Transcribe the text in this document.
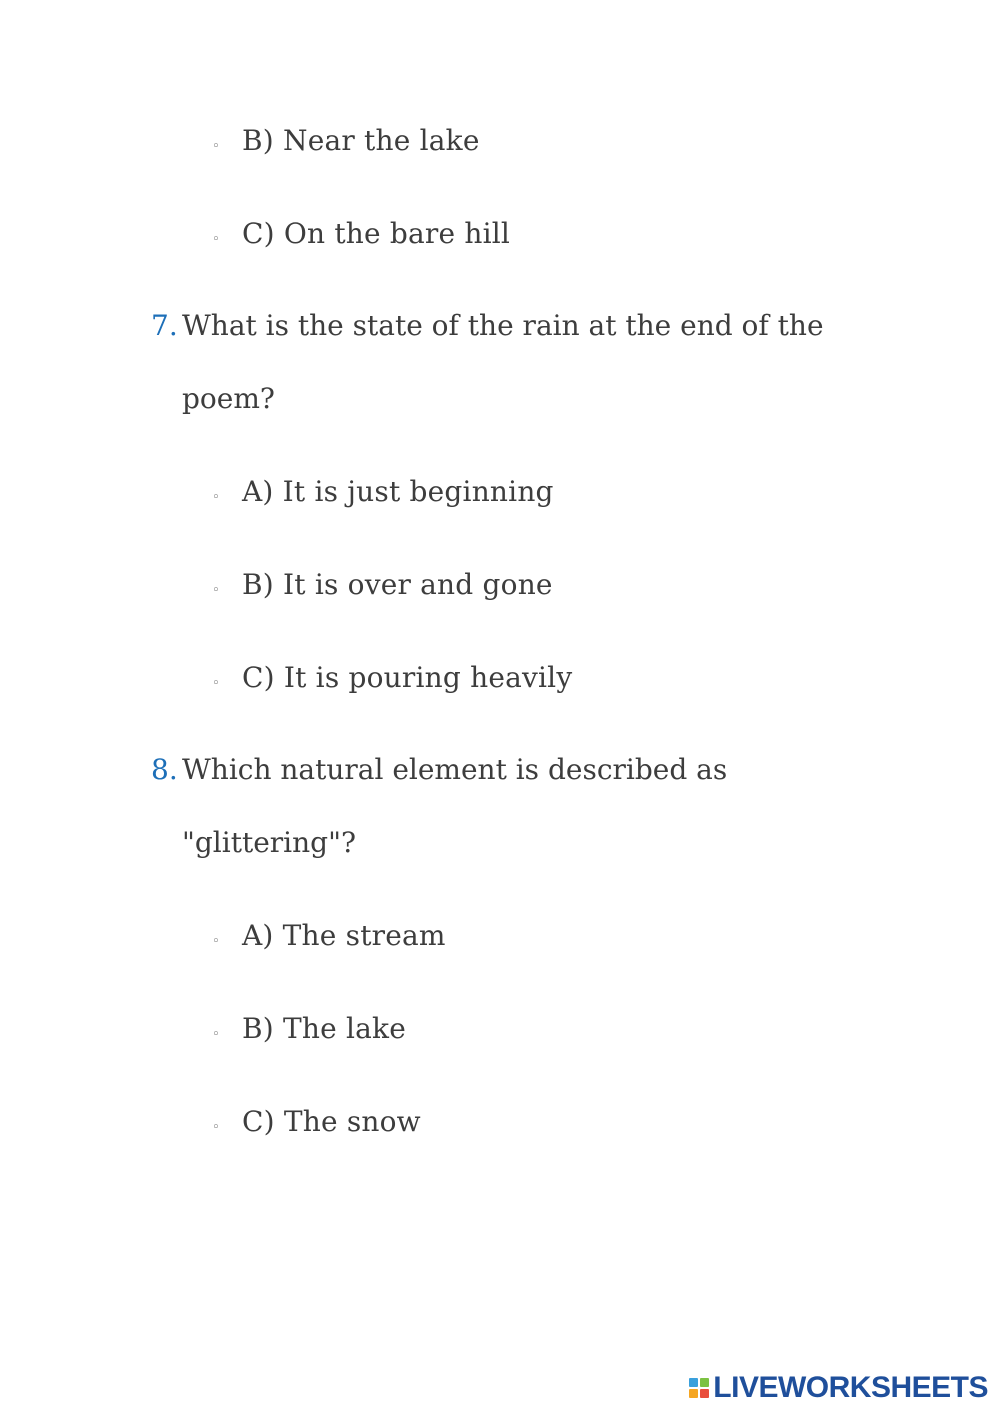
◦ B) Near the lake
◦ C) On the bare hill
7. What is the state of the rain at the end of the
poem?
◦ A) It is just beginning
◦ B) It is over and gone
◦ C) It is pouring heavily
8. Which natural element is described as
"glittering"?
◦ A) The stream
◦ B) The lake
◦ C) The snow
LIVEWORKSHEETS
